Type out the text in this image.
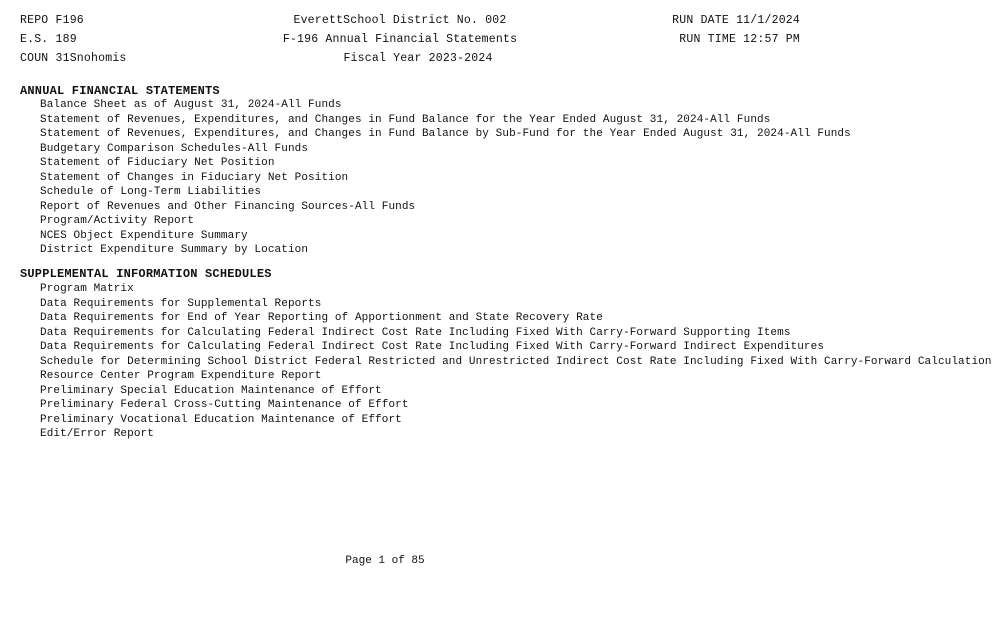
REPO F196
E.S. 189
COUN 31Snohomis
EverettSchool District No. 002
F-196 Annual Financial Statements
Fiscal Year 2023-2024
RUN DATE 11/1/2024
RUN TIME 12:57 PM
ANNUAL FINANCIAL STATEMENTS
Balance Sheet as of August 31, 2024-All Funds
Statement of Revenues, Expenditures, and Changes in Fund Balance for the Year Ended August 31, 2024-All Funds
Statement of Revenues, Expenditures, and Changes in Fund Balance by Sub-Fund for the Year Ended August 31, 2024-All Funds
Budgetary Comparison Schedules-All Funds
Statement of Fiduciary Net Position
Statement of Changes in Fiduciary Net Position
Schedule of Long-Term Liabilities
Report of Revenues and Other Financing Sources-All Funds
Program/Activity Report
NCES Object Expenditure Summary
District Expenditure Summary by Location
SUPPLEMENTAL INFORMATION SCHEDULES
Program Matrix
Data Requirements for Supplemental Reports
Data Requirements for End of Year Reporting of Apportionment and State Recovery Rate
Data Requirements for Calculating Federal Indirect Cost Rate Including Fixed With Carry-Forward Supporting Items
Data Requirements for Calculating Federal Indirect Cost Rate Including Fixed With Carry-Forward Indirect Expenditures
Schedule for Determining School District Federal Restricted and Unrestricted Indirect Cost Rate Including Fixed With Carry-Forward Calculation
Resource Center Program Expenditure Report
Preliminary Special Education Maintenance of Effort
Preliminary Federal Cross-Cutting Maintenance of Effort
Preliminary Vocational Education Maintenance of Effort
Edit/Error Report
Page 1 of 85
